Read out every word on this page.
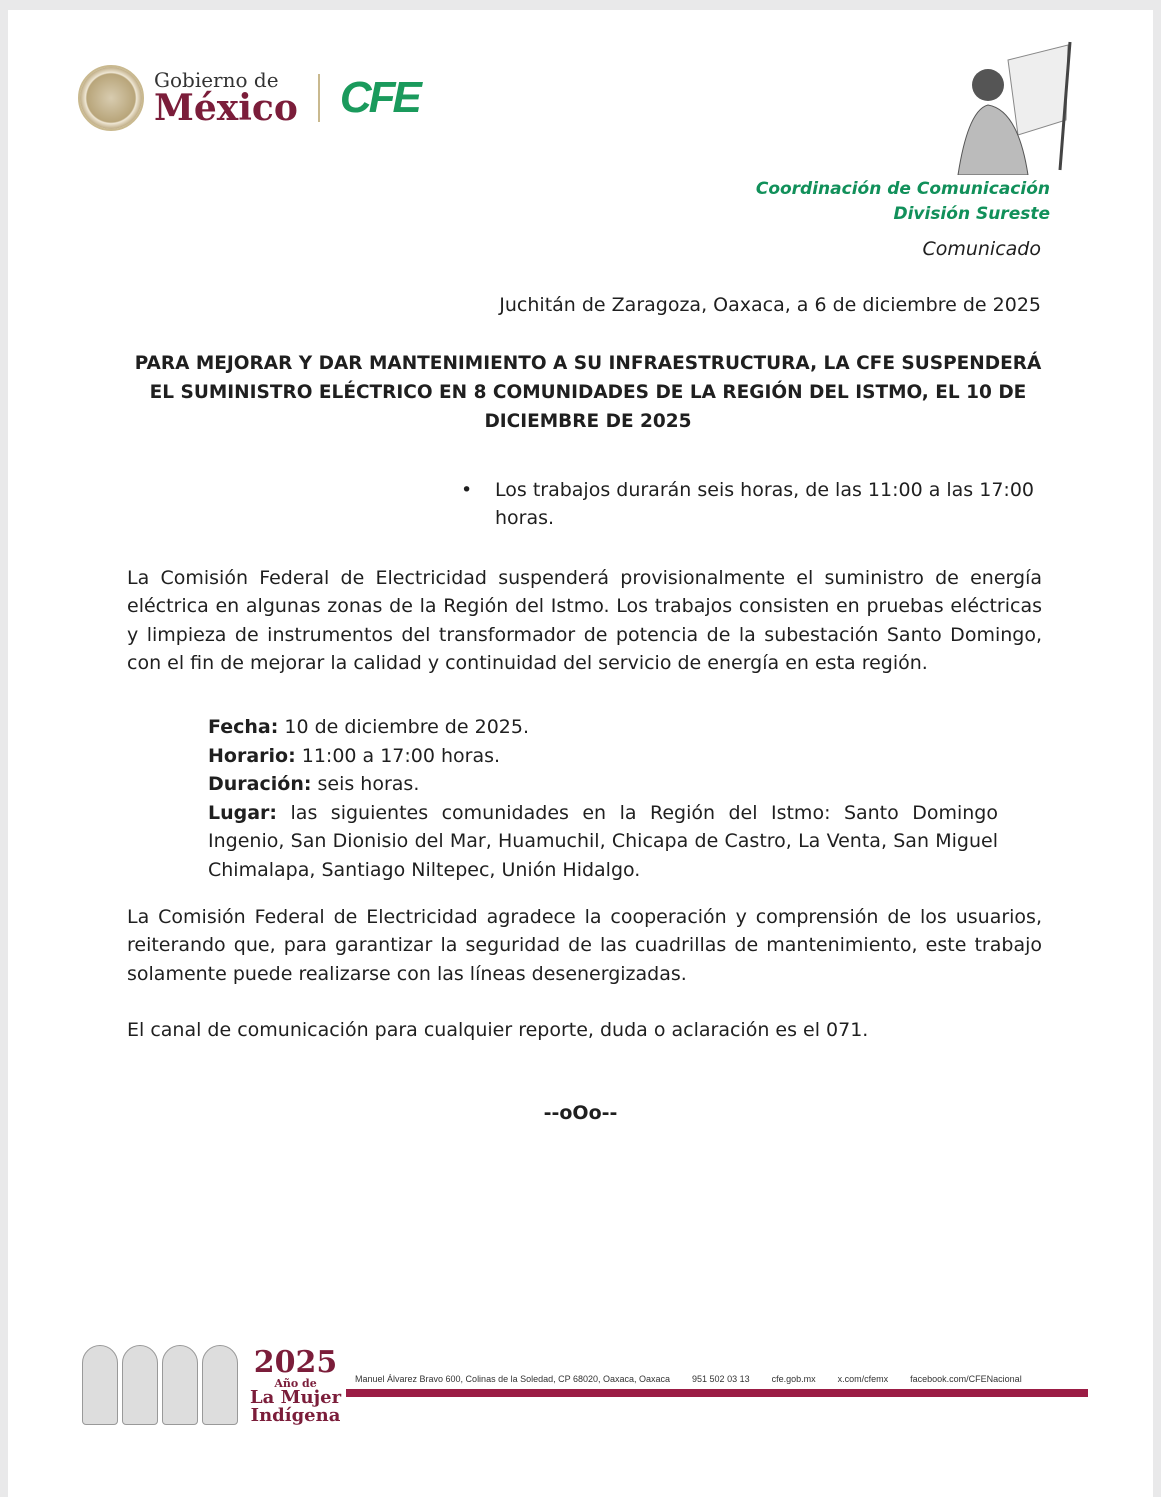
Gobierno de
México CFE
Coordinación de Comunicación
División Sureste
Comunicado
Juchitán de Zaragoza, Oaxaca, a 6 de diciembre de 2025
PARA MEJORAR Y DAR MANTENIMIENTO A SU INFRAESTRUCTURA, LA CFE SUSPENDERÁ EL SUMINISTRO ELÉCTRICO EN 8 COMUNIDADES DE LA REGIÓN DEL ISTMO, EL 10 DE DICIEMBRE DE 2025
•	Los trabajos durarán seis horas, de las 11:00 a las 17:00 horas.
La Comisión Federal de Electricidad suspenderá provisionalmente el suministro de energía eléctrica en algunas zonas de la Región del Istmo. Los trabajos consisten en pruebas eléctricas y limpieza de instrumentos del transformador de potencia de la subestación Santo Domingo, con el fin de mejorar la calidad y continuidad del servicio de energía en esta región.
Fecha: 10 de diciembre de 2025.
Horario: 11:00 a 17:00 horas.
Duración: seis horas.
Lugar: las siguientes comunidades en la Región del Istmo: Santo Domingo Ingenio, San Dionisio del Mar, Huamuchil, Chicapa de Castro, La Venta, San Miguel Chimalapa, Santiago Niltepec, Unión Hidalgo.
La Comisión Federal de Electricidad agradece la cooperación y comprensión de los usuarios, reiterando que, para garantizar la seguridad de las cuadrillas de mantenimiento, este trabajo solamente puede realizarse con las líneas desenergizadas.
El canal de comunicación para cualquier reporte, duda o aclaración es el 071.
--oOo--
2025
Año de
La Mujer
Indígena
Manuel Álvarez Bravo 600, Colinas de la Soledad, CP 68020, Oaxaca, Oaxaca 951 502 03 13 cfe.gob.mx x.com/cfemx facebook.com/CFENacional
